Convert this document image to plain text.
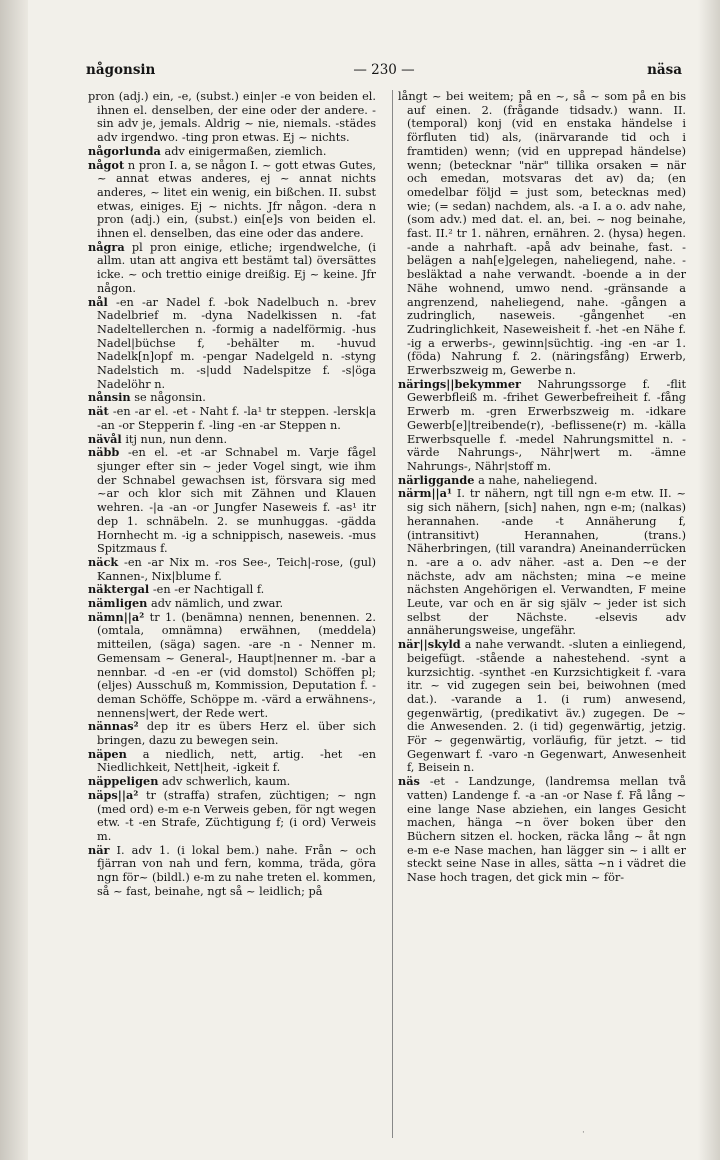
någonsin	— 230 —	näsa

pron (adj.) ein, -e, (subst.) ein|er -e von beiden el. ihnen el. denselben, der eine oder der andere. -sin adv je, jemals. Aldrig ~ nie, niemals. -städes adv irgendwo. -ting pron etwas. Ej ~ nichts.

någorlunda adv einigermaßen, ziemlich.

något n pron I. a, se någon I. ~ gott etwas Gutes, ~ annat etwas anderes, ej ~ annat nichts anderes, ~ litet ein wenig, ein bißchen. II. subst etwas, einiges. Ej ~ nichts. Jfr någon. -dera n pron (adj.) ein, (subst.) ein[e]s von beiden el. ihnen el. denselben, das eine oder das andere.

några pl pron einige, etliche; irgendwelche, (i allm. utan att angiva ett bestämt tal) översättes icke. ~ och trettio einige dreißig. Ej ~ keine. Jfr någon.

nål -en -ar Nadel f. -bok Nadelbuch n. -brev Nadelbrief m. -dyna Nadelkissen n. -fat Nadeltellerchen n. -formig a nadelförmig. -hus Nadel|büchse f, -behälter m. -huvud Nadelk[n]opf m. -pengar Nadelgeld n. -styng Nadelstich m. -s|udd Nadelspitze f. -s|öga Nadelöhr n.

nånsin se någonsin.

nät -en -ar el. -et - Naht f. -la¹ tr steppen. -lersk|a -an -or Stepperin f. -ling -en -ar Steppen n.

nävål itj nun, nun denn.

näbb -en el. -et -ar Schnabel m. Varje fågel sjunger efter sin ~ jeder Vogel singt, wie ihm der Schnabel gewachsen ist, försvara sig med ~ar och klor sich mit Zähnen und Klauen wehren. -|a -an -or Jungfer Naseweis f. -as¹ itr dep 1. schnäbeln. 2. se munhuggas. -gädda Hornhecht m. -ig a schnippisch, naseweis. -mus Spitzmaus f.

näck -en -ar Nix m. -ros See-, Teich|-rose, (gul) Kannen-, Nix|blume f.

näktergal -en -er Nachtigall f.

nämligen adv nämlich, und zwar.

nämn||a² tr 1. (benämna) nennen, benennen. 2. (omtala, omnämna) erwähnen, (meddela) mitteilen, (säga) sagen. -are -n - Nenner m. Gemensam ~ General-, Haupt|nenner m. -bar a nennbar. -d -en -er (vid domstol) Schöffen pl; (eljes) Ausschuß m, Kommission, Deputation f. -deman Schöffe, Schöppe m. -värd a erwähnens-, nennens|wert, der Rede wert.

nännas² dep itr es übers Herz el. über sich bringen, dazu zu bewegen sein.

näpen a niedlich, nett, artig. -het -en Niedlichkeit, Nett|heit, -igkeit f.

näppeligen adv schwerlich, kaum.

näps||a² tr (straffa) strafen, züchtigen; ~ ngn (med ord) e-m e-n Verweis geben, för ngt wegen etw. -t -en Strafe, Züchtigung f; (i ord) Verweis m.

när I. adv 1. (i lokal bem.) nahe. Från ~ och fjärran von nah und fern, komma, träda, göra ngn för~ (bildl.) e-m zu nahe treten el. kommen, så ~ fast, beinahe, ngt så ~ leidlich; på

långt ~ bei weitem; på en ~, så ~ som på en bis auf einen. 2. (frågande tidsadv.) wann. II. (temporal) konj (vid en enstaka händelse i förfluten tid) als, (inärvarande tid och i framtiden) wenn; (vid en upprepad händelse) wenn; (betecknar "när" tillika orsaken = när och emedan, motsvaras det av) da; (en omedelbar följd = just som, betecknas med) wie; (= sedan) nachdem, als. -a I. a o. adv nahe, (som adv.) med dat. el. an, bei. ~ nog beinahe, fast. II.² tr 1. nähren, ernähren. 2. (hysa) hegen. -ande a nahrhaft. -apå adv beinahe, fast. -belägen a nah[e]gelegen, naheliegend, nahe. -besläktad a nahe verwandt. -boende a in der Nähe wohnend, umwo nend. -gränsande a angrenzend, naheliegend, nahe. -gången a zudringlich, naseweis. -gångenhet -en Zudringlichkeit, Naseweisheit f. -het -en Nähe f. -ig a erwerbs-, gewinn|süchtig. -ing -en -ar 1. (föda) Nahrung f. 2. (näringsfång) Erwerb, Erwerbszweig m, Gewerbe n.

närings||bekymmer Nahrungssorge f. -flit Gewerbfleiß m. -frihet Gewerbefreiheit f. -fång Erwerb m. -gren Erwerbszweig m. -idkare Gewerb[e]|treibende(r), -beflissene(r) m. -källa Erwerbsquelle f. -medel Nahrungsmittel n. -värde Nahrungs-, Nähr|wert m. -ämne Nahrungs-, Nähr|stoff m.

närliggande a nahe, naheliegend.

närm||a¹ I. tr nähern, ngt till ngn e-m etw. II. ~ sig sich nähern, [sich] nahen, ngn e-m; (nalkas) herannahen. -ande -t Annäherung f, (intransitivt) Herannahen, (trans.) Näherbringen, (till varandra) Aneinanderrücken n. -are a o. adv näher. -ast a. Den ~e der nächste, adv am nächsten; mina ~e meine nächsten Angehörigen el. Verwandten, F meine Leute, var och en är sig själv ~ jeder ist sich selbst der Nächste. -elsevis adv annäherungsweise, ungefähr.

när||skyld a nahe verwandt. -sluten a einliegend, beigefügt. -stående a nahestehend. -synt a kurzsichtig. -synthet -en Kurzsichtigkeit f. -vara itr. ~ vid zugegen sein bei, beiwohnen (med dat.). -varande a 1. (i rum) anwesend, gegenwärtig, (predikativt äv.) zugegen. De ~ die Anwesenden. 2. (i tid) gegenwärtig, jetzig. För ~ gegenwärtig, vorläufig, für jetzt. ~ tid Gegenwart f. -varo -n Gegenwart, Anwesenheit f, Beisein n.

näs -et - Landzunge, (landremsa mellan två vatten) Landenge f. -a -an -or Nase f. Få lång ~ eine lange Nase abziehen, ein langes Gesicht machen, hänga ~n över boken über den Büchern sitzen el. hocken, räcka lång ~ åt ngn e-m e-e Nase machen, han lägger sin ~ i allt er steckt seine Nase in alles, sätta ~n i vädret die Nase hoch tragen, det gick min ~ för-

·
